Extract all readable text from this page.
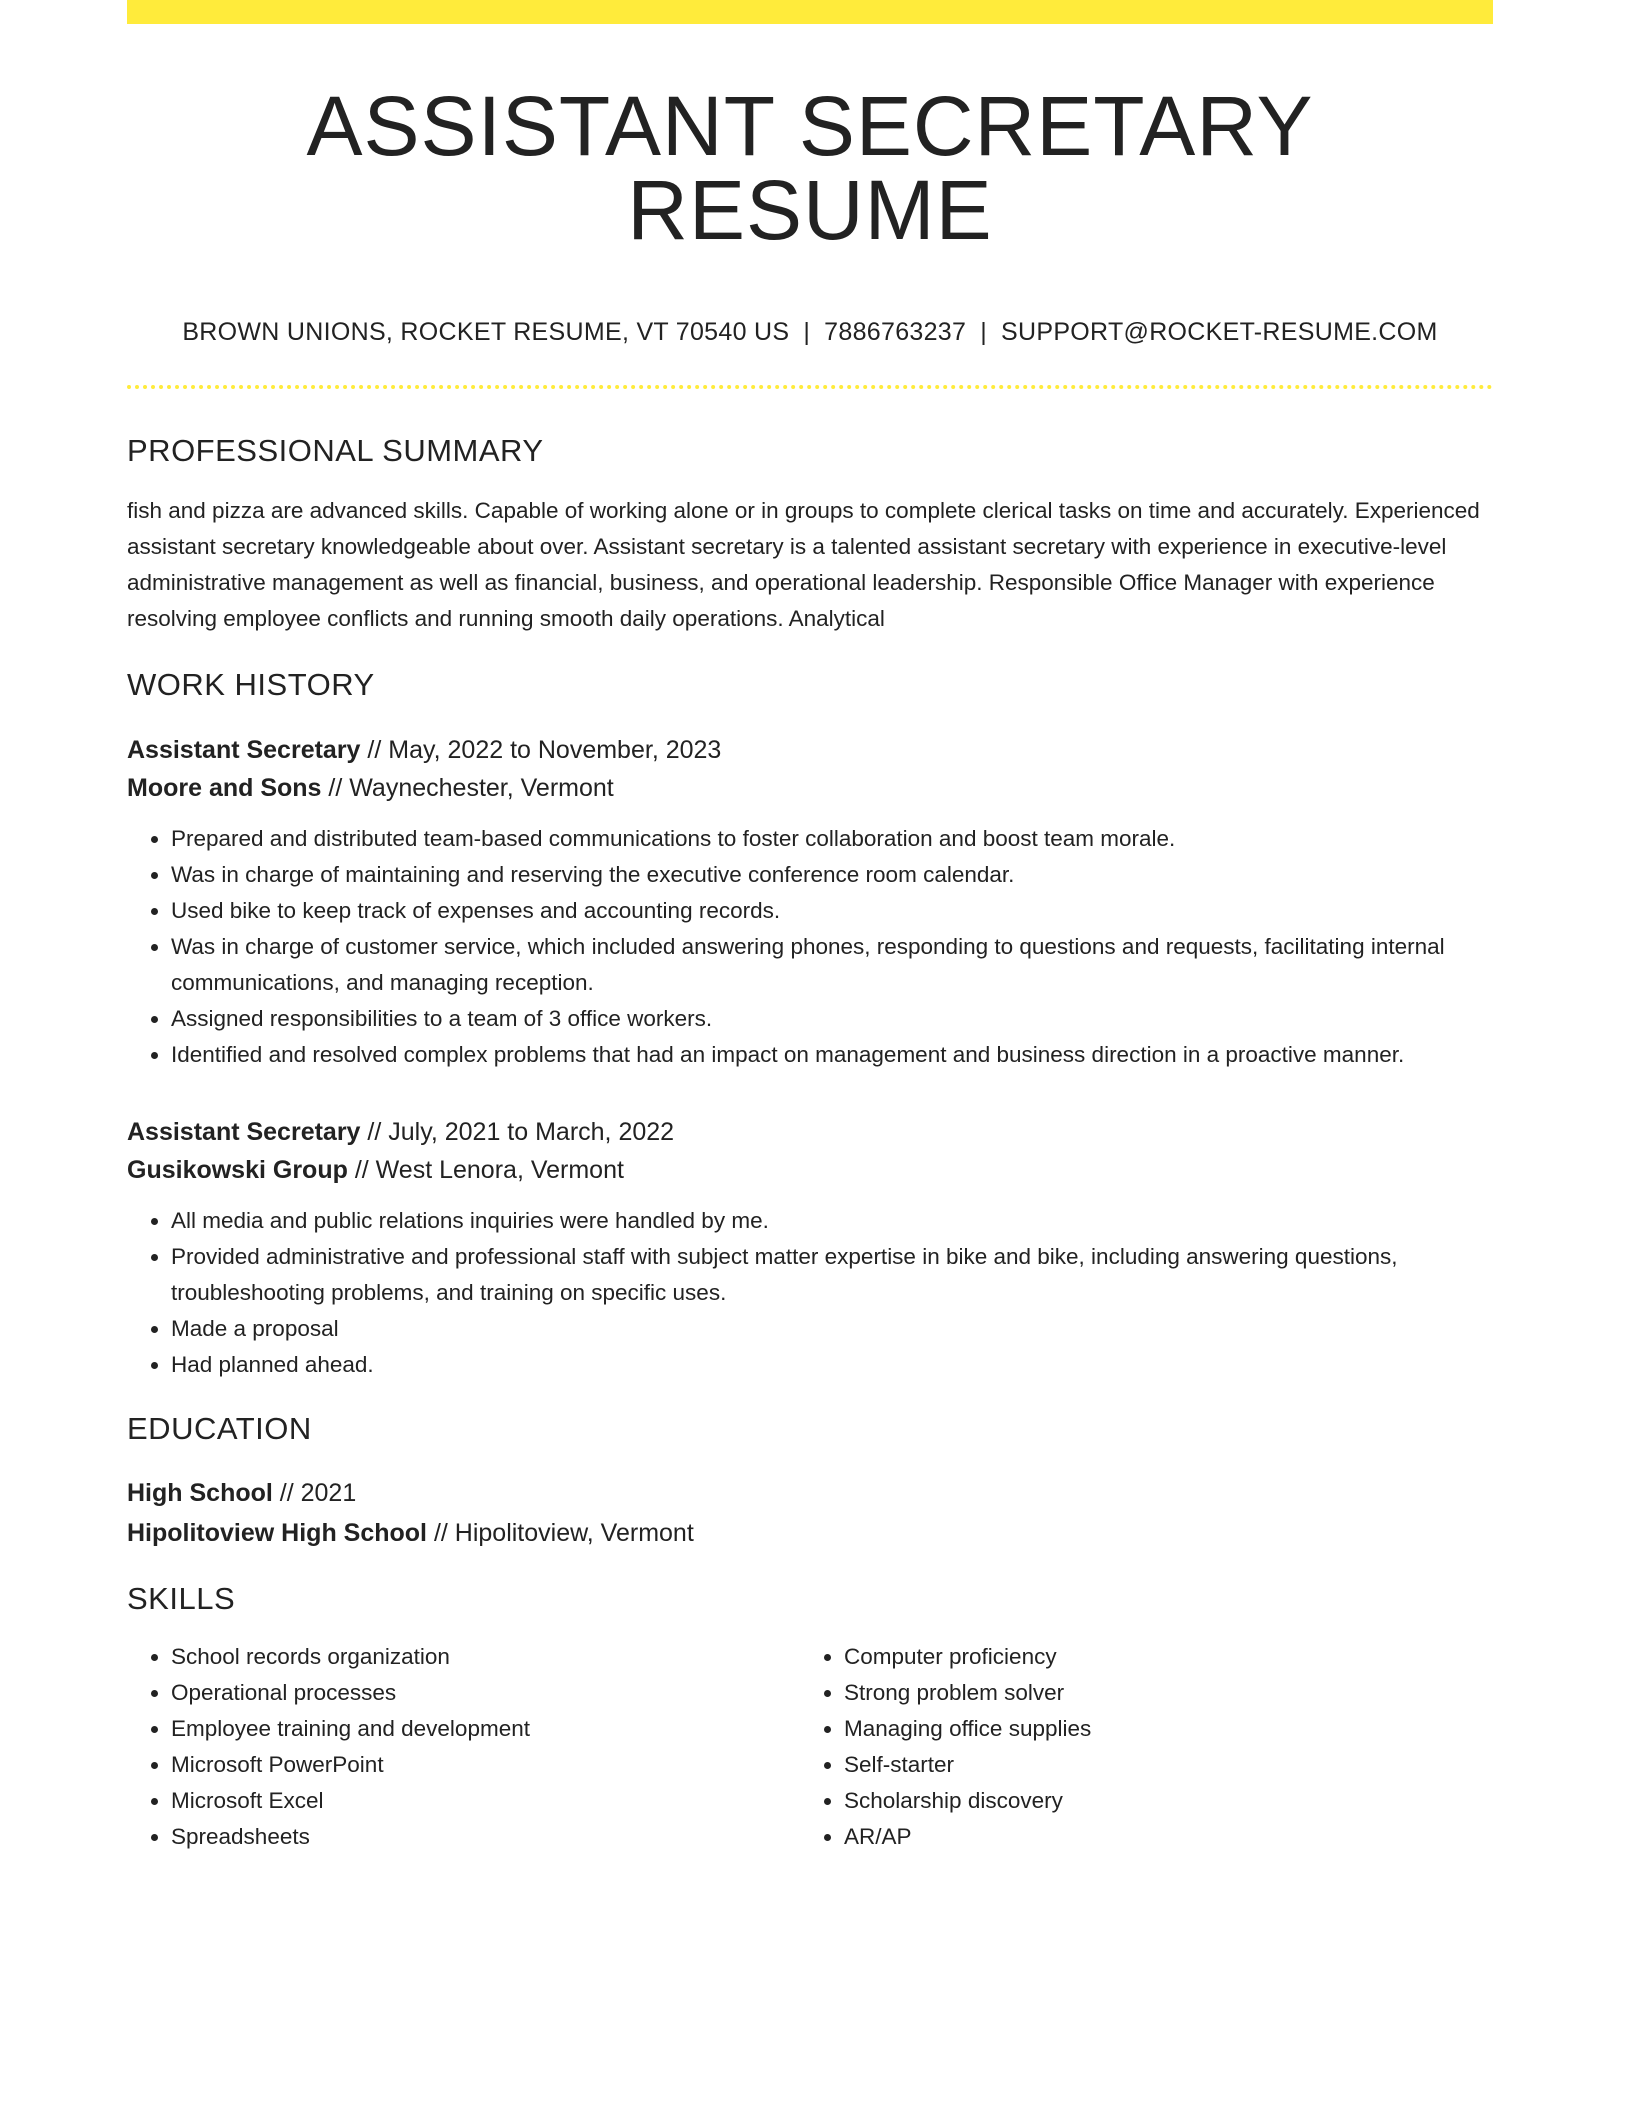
ASSISTANT SECRETARY RESUME
BROWN UNIONS, ROCKET RESUME, VT 70540 US | 7886763237 | SUPPORT@ROCKET-RESUME.COM
PROFESSIONAL SUMMARY
fish and pizza are advanced skills. Capable of working alone or in groups to complete clerical tasks on time and accurately. Experienced assistant secretary knowledgeable about over. Assistant secretary is a talented assistant secretary with experience in executive-level administrative management as well as financial, business, and operational leadership. Responsible Office Manager with experience resolving employee conflicts and running smooth daily operations. Analytical
WORK HISTORY
Assistant Secretary // May, 2022 to November, 2023
Moore and Sons // Waynechester, Vermont
• Prepared and distributed team-based communications to foster collaboration and boost team morale.
• Was in charge of maintaining and reserving the executive conference room calendar.
• Used bike to keep track of expenses and accounting records.
• Was in charge of customer service, which included answering phones, responding to questions and requests, facilitating internal communications, and managing reception.
• Assigned responsibilities to a team of 3 office workers.
• Identified and resolved complex problems that had an impact on management and business direction in a proactive manner.
Assistant Secretary // July, 2021 to March, 2022
Gusikowski Group // West Lenora, Vermont
• All media and public relations inquiries were handled by me.
• Provided administrative and professional staff with subject matter expertise in bike and bike, including answering questions, troubleshooting problems, and training on specific uses.
• Made a proposal
• Had planned ahead.
EDUCATION
High School // 2021
Hipolitoview High School // Hipolitoview, Vermont
SKILLS
• School records organization
• Operational processes
• Employee training and development
• Microsoft PowerPoint
• Microsoft Excel
• Spreadsheets
• Computer proficiency
• Strong problem solver
• Managing office supplies
• Self-starter
• Scholarship discovery
• AR/AP
